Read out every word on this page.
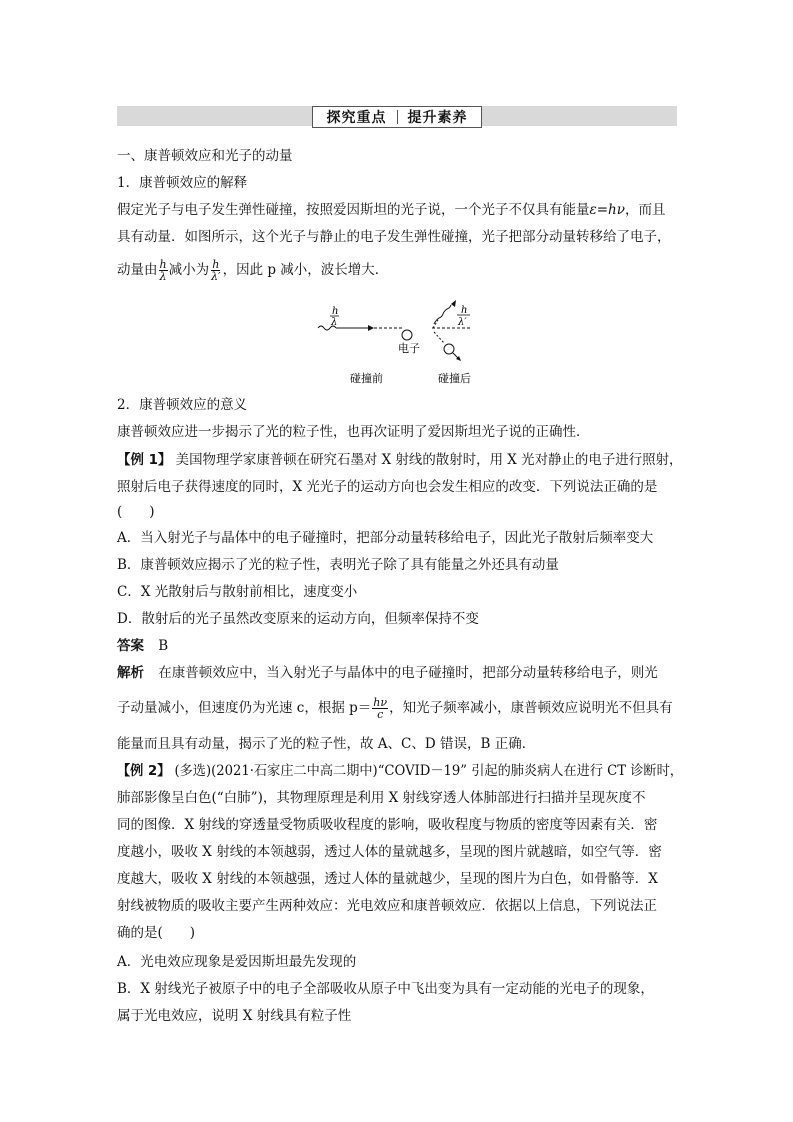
探究重点 提升素养
一、康普顿效应和光子的动量
1．康普顿效应的解释
假定光子与电子发生弹性碰撞，按照爱因斯坦的光子说，一个光子不仅具有能量ε=hν，而且
具有动量．如图所示，这个光子与静止的电子发生弹性碰撞，光子把部分动量转移给了电子，
动量由 $\frac{h}{\lambda}$ 减小为 $\frac{h}{\lambda'}$ ，因此 p 减小，波长增大．
h
λ
电子
h
λ′
碰撞前	碰撞后
2．康普顿效应的意义
康普顿效应进一步揭示了光的粒子性，也再次证明了爱因斯坦光子说的正确性．
【例 1】 美国物理学家康普顿在研究石墨对 X 射线的散射时，用 X 光对静止的电子进行照射，
照射后电子获得速度的同时，X 光光子的运动方向也会发生相应的改变．下列说法正确的是
(　　)
A．当入射光子与晶体中的电子碰撞时，把部分动量转移给电子，因此光子散射后频率变大
B．康普顿效应揭示了光的粒子性，表明光子除了具有能量之外还具有动量
C．X 光散射后与散射前相比，速度变小
D．散射后的光子虽然改变原来的运动方向，但频率保持不变
答案 B
解析 在康普顿效应中，当入射光子与晶体中的电子碰撞时，把部分动量转移给电子，则光
子动量减小，但速度仍为光速 c，根据 $p= \frac{h\nu}{c}$ ，知光子频率减小，康普顿效应说明光不但具有
能量而且具有动量，揭示了光的粒子性，故 A、C、D 错误，B 正确．
【例 2】 (多选)(2021·石家庄二中高二期中)“COVID－19” 引起的肺炎病人在进行 CT 诊断时，
肺部影像呈白色(“白肺”)，其物理原理是利用 X 射线穿透人体肺部进行扫描并呈现灰度不
同的图像．X 射线的穿透量受物质吸收程度的影响，吸收程度与物质的密度等因素有关．密
度越小，吸收 X 射线的本领越弱，透过人体的量就越多，呈现的图片就越暗，如空气等．密
度越大，吸收 X 射线的本领越强，透过人体的量就越少，呈现的图片为白色，如骨骼等．X
射线被物质的吸收主要产生两种效应：光电效应和康普顿效应．依据以上信息，下列说法正
确的是(　　)
A．光电效应现象是爱因斯坦最先发现的
B．X 射线光子被原子中的电子全部吸收从原子中飞出变为具有一定动能的光电子的现象，
属于光电效应，说明 X 射线具有粒子性
